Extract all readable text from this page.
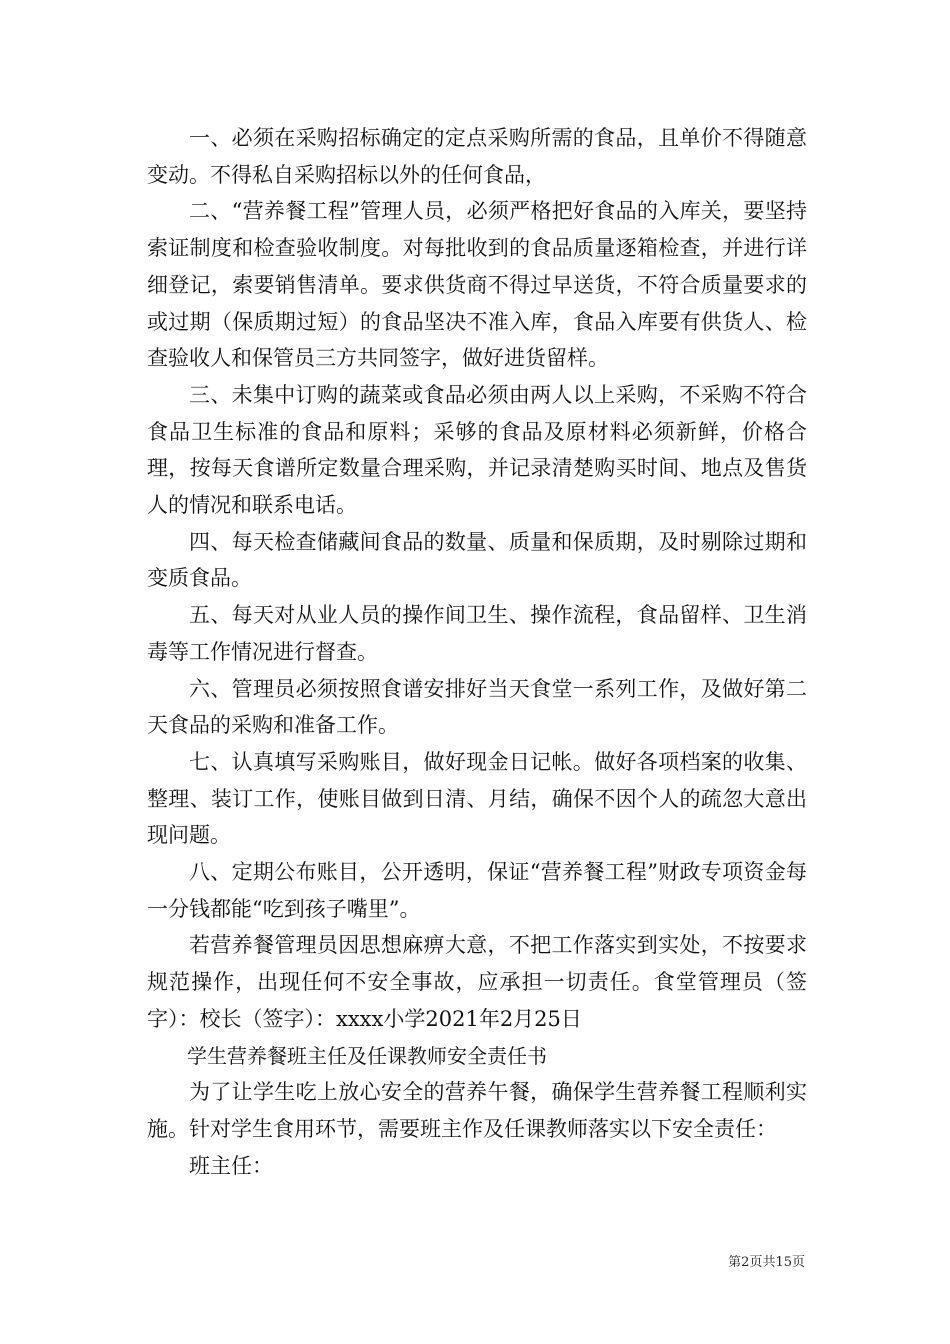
一、必须在采购招标确定的定点采购所需的食品，且单价不得随意变动。不得私自采购招标以外的任何食品，

二、“营养餐工程”管理人员，必须严格把好食品的入库关，要坚持索证制度和检查验收制度。对每批收到的食品质量逐箱检查，并进行详细登记，索要销售清单。要求供货商不得过早送货，不符合质量要求的或过期（保质期过短）的食品坚决不准入库，食品入库要有供货人、检查验收人和保管员三方共同签字，做好进货留样。

三、未集中订购的蔬菜或食品必须由两人以上采购，不采购不符合食品卫生标准的食品和原料；采够的食品及原材料必须新鲜，价格合理，按每天食谱所定数量合理采购，并记录清楚购买时间、地点及售货人的情况和联系电话。

四、每天检查储藏间食品的数量、质量和保质期，及时剔除过期和变质食品。

五、每天对从业人员的操作间卫生、操作流程，食品留样、卫生消毒等工作情况进行督查。

六、管理员必须按照食谱安排好当天食堂一系列工作，及做好第二天食品的采购和准备工作。

七、认真填写采购账目，做好现金日记帐。做好各项档案的收集、整理、装订工作，使账目做到日清、月结，确保不因个人的疏忽大意出现问题。

八、定期公布账目，公开透明，保证“营养餐工程”财政专项资金每一分钱都能“吃到孩子嘴里”。

若营养餐管理员因思想麻痹大意，不把工作落实到实处，不按要求规范操作，出现任何不安全事故，应承担一切责任。食堂管理员（签字）：校长（签字）：xxxx小学2021年2月25日

学生营养餐班主任及任课教师安全责任书

为了让学生吃上放心安全的营养午餐，确保学生营养餐工程顺利实施。针对学生食用环节，需要班主作及任课教师落实以下安全责任：

班主任：

第2页共15页
